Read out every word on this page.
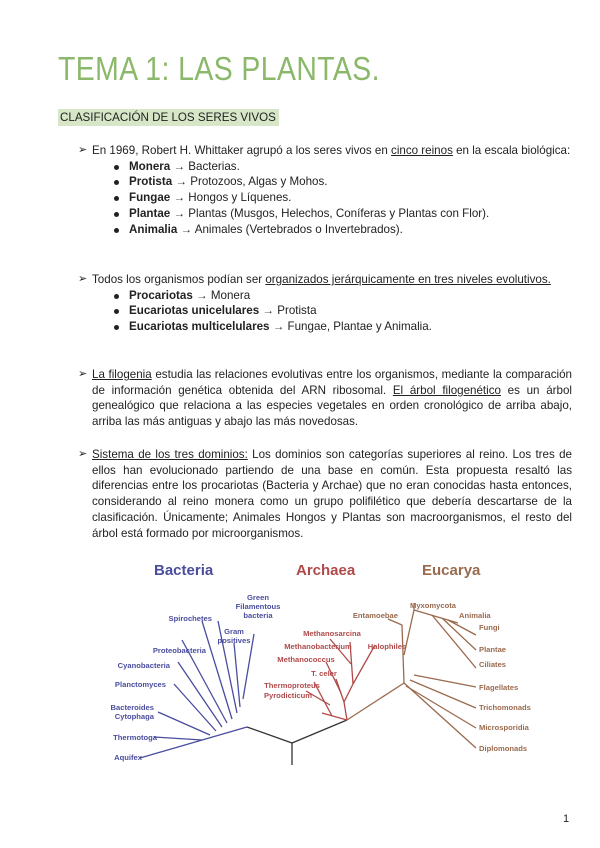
TEMA 1: LAS PLANTAS.
CLASIFICACIÓN DE LOS SERES VIVOS
➢ En 1969, Robert H. Whittaker agrupó a los seres vivos en cinco reinos en la escala biológica:
Monera → Bacterias.
Protista → Protozoos, Algas y Mohos.
Fungae → Hongos y Líquenes.
Plantae → Plantas (Musgos, Helechos, Coníferas y Plantas con Flor).
Animalia → Animales (Vertebrados o Invertebrados).
➢ Todos los organismos podían ser organizados jerárquicamente en tres niveles evolutivos.
Procariotas → Monera
Eucariotas unicelulares → Protista
Eucariotas multicelulares → Fungae, Plantae y Animalia.
➢ La filogenia estudia las relaciones evolutivas entre los organismos, mediante la comparación de información genética obtenida del ARN ribosomal. El árbol filogenético es un árbol genealógico que relaciona a las especies vegetales en orden cronológico de arriba abajo, arriba las más antiguas y abajo las más novedosas.
➢ Sistema de los tres dominios: Los dominios son categorías superiores al reino. Los tres de ellos han evolucionado partiendo de una base en común. Esta propuesta resaltó las diferencias entre los procariotas (Bacteria y Archae) que no eran conocidas hasta entonces, considerando al reino monera como un grupo polifilético que debería descartarse de la clasificación. Únicamente; Animales Hongos y Plantas son macroorganismos, el resto del árbol está formado por microorganismos.
Bacteria	Archaea	Eucarya
Green
Filamentous
bacteria
Spirochetes
Gram
positives
Proteobacteria
Cyanobacteria
Planctomyces
Bacteroides
Cytophaga
Thermotoga
Aquifex
Methanosarcina
Methanobacterium Halophiles
Methanococcus
T. celer
Thermoproteus
Pyrodicticum
Myxomycota
Entamoebae	Animalia
Fungi
Plantae
Ciliates
Flagellates
Trichomonads
Microsporidia
Diplomonads
1
